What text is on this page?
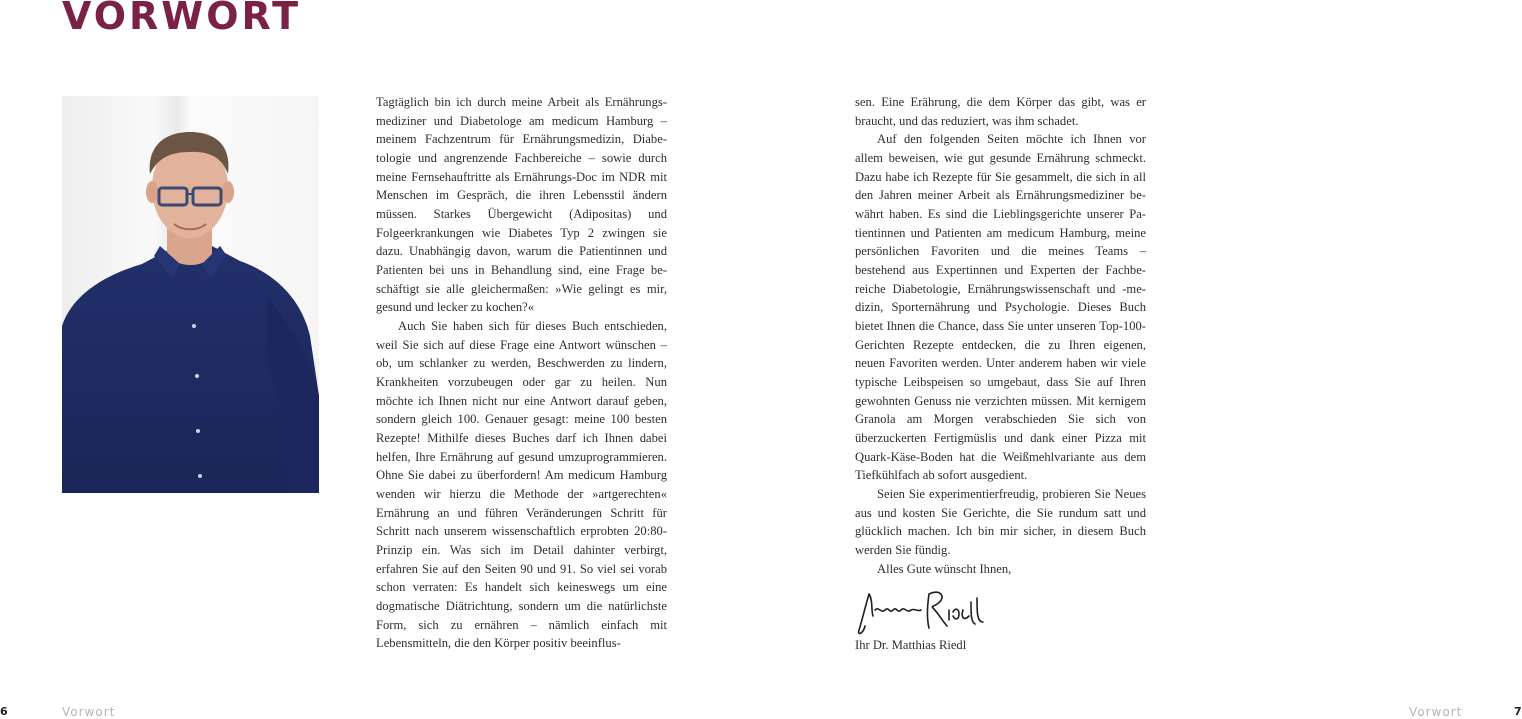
VORWORT

Tagtäglich bin ich durch meine Arbeit als Ernährungsmediziner und Diabetologe am medicum Hamburg – meinem Fachzentrum für Ernährungsmedizin, Diabetologie und angrenzende Fachbereiche – sowie durch meine Fernsehauftritte als Ernährungs-Doc im NDR mit Menschen im Gespräch, die ihren Lebensstil ändern müssen. Starkes Übergewicht (Adipositas) und Folgeerkrankungen wie Diabetes Typ 2 zwingen sie dazu. Unabhängig davon, warum die Patientinnen und Patienten bei uns in Behandlung sind, eine Frage beschäftigt sie alle gleichermaßen: »Wie gelingt es mir, gesund und lecker zu kochen?«

Auch Sie haben sich für dieses Buch entschieden, weil Sie sich auf diese Frage eine Antwort wünschen – ob, um schlanker zu werden, Beschwerden zu lindern, Krankheiten vorzubeugen oder gar zu heilen. Nun möchte ich Ihnen nicht nur eine Antwort darauf geben, sondern gleich 100. Genauer gesagt: meine 100 besten Rezepte! Mithilfe dieses Buches darf ich Ihnen dabei helfen, Ihre Ernährung auf gesund umzuprogrammieren. Ohne Sie dabei zu überfordern! Am medicum Hamburg wenden wir hierzu die Methode der »artgerechten« Ernährung an und führen Veränderungen Schritt für Schritt nach unserem wissenschaftlich erprobten 20:80-Prinzip ein. Was sich im Detail dahinter verbirgt, erfahren Sie auf den Seiten 90 und 91. So viel sei vorab schon verraten: Es handelt sich keineswegs um eine dogmatische Diätrichtung, sondern um die natürlichste Form, sich zu ernähren – nämlich einfach mit Lebensmitteln, die den Körper positiv beeinflus-

sen. Eine Erährung, die dem Körper das gibt, was er braucht, und das reduziert, was ihm schadet.

Auf den folgenden Seiten möchte ich Ihnen vor allem beweisen, wie gut gesunde Ernährung schmeckt. Dazu habe ich Rezepte für Sie gesammelt, die sich in all den Jahren meiner Arbeit als Ernährungsmediziner bewährt haben. Es sind die Lieblingsgerichte unserer Patientinnen und Patienten am medicum Hamburg, meine persönlichen Favoriten und die meines Teams – bestehend aus Expertinnen und Experten der Fachbereiche Diabetologie, Ernährungswissenschaft und -medizin, Sporternährung und Psychologie. Dieses Buch bietet Ihnen die Chance, dass Sie unter unseren Top-100-Gerichten Rezepte entdecken, die zu Ihren eigenen, neuen Favoriten werden. Unter anderem haben wir viele typische Leibspeisen so umgebaut, dass Sie auf Ihren gewohnten Genuss nie verzichten müssen. Mit kernigem Granola am Morgen verabschieden Sie sich von überzuckerten Fertigmüslis und dank einer Pizza mit Quark-Käse-Boden hat die Weißmehlvariante aus dem Tiefkühlfach ab sofort ausgedient.

Seien Sie experimentierfreudig, probieren Sie Neues aus und kosten Sie Gerichte, die Sie rundum satt und glücklich machen. Ich bin mir sicher, in diesem Buch werden Sie fündig.

Alles Gute wünscht Ihnen,

Ihr Dr. Matthias Riedl

6	Vorwort	Vorwort	7
